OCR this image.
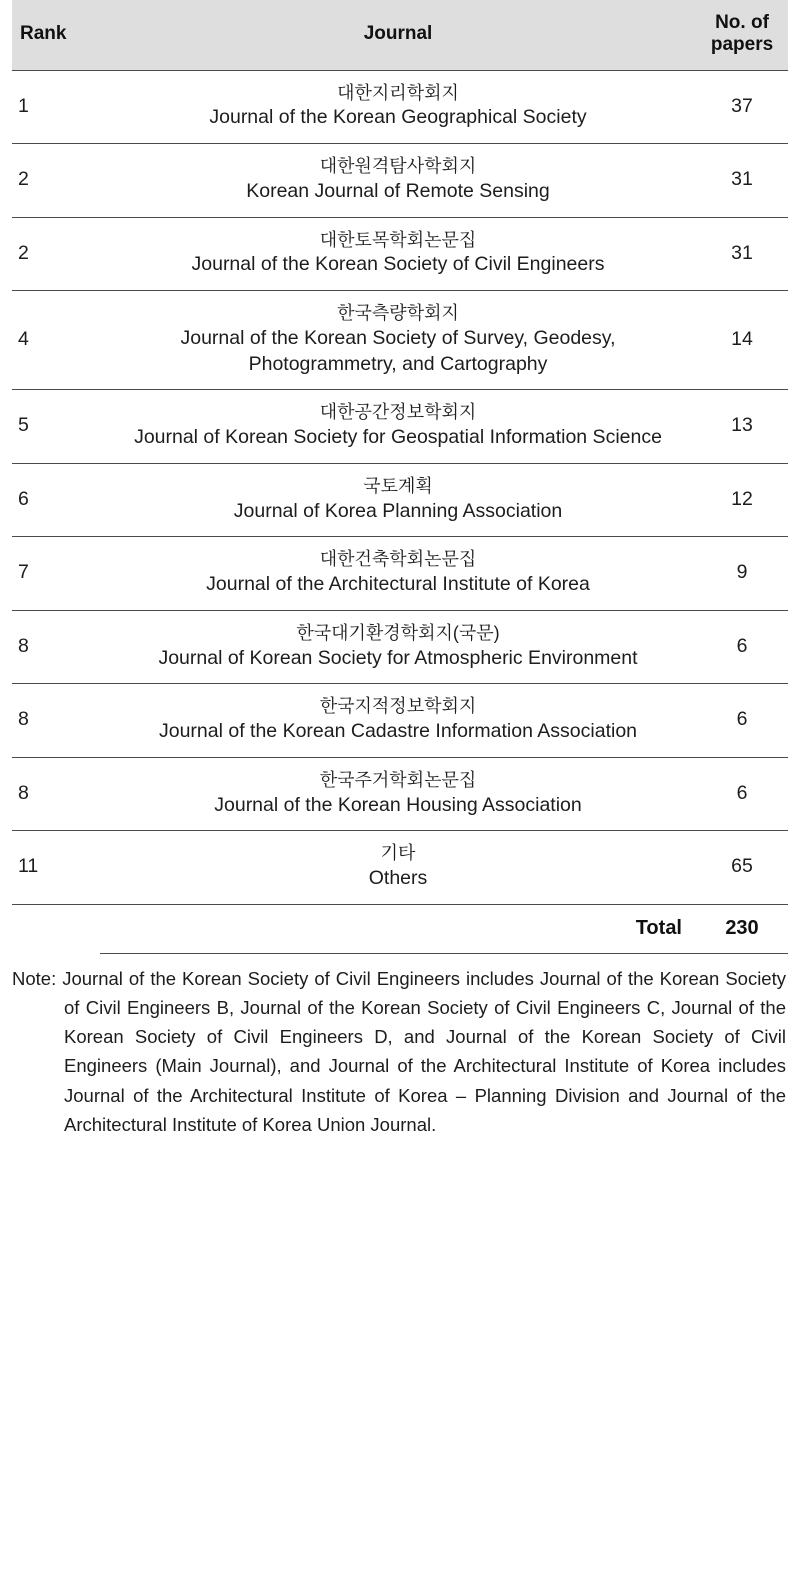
Rank	Journal	No. of
papers
1	대한지리학회지
Journal of the Korean Geographical Society	37
2	대한원격탐사학회지
Korean Journal of Remote Sensing	31
2	대한토목학회논문집
Journal of the Korean Society of Civil Engineers	31
4	한국측량학회지
Journal of the Korean Society of Survey, Geodesy, Photogrammetry, and Cartography	14
5	대한공간정보학회지
Journal of Korean Society for Geospatial Information Science	13
6	국토계획
Journal of Korea Planning Association	12
7	대한건축학회논문집
Journal of the Architectural Institute of Korea	9
8	한국대기환경학회지(국문)
Journal of Korean Society for Atmospheric Environment	6
8	한국지적정보학회지
Journal of the Korean Cadastre Information Association	6
8	한국주거학회논문집
Journal of the Korean Housing Association	6
11	기타
Others	65
	Total	230
Note: Journal of the Korean Society of Civil Engineers includes Journal of the Korean Society of Civil Engineers B, Journal of the Korean Society of Civil Engineers C, Journal of the Korean Society of Civil Engineers D, and Journal of the Korean Society of Civil Engineers (Main Journal), and Journal of the Architectural Institute of Korea includes Journal of the Architectural Institute of Korea – Planning Division and Journal of the Architectural Institute of Korea Union Journal.
